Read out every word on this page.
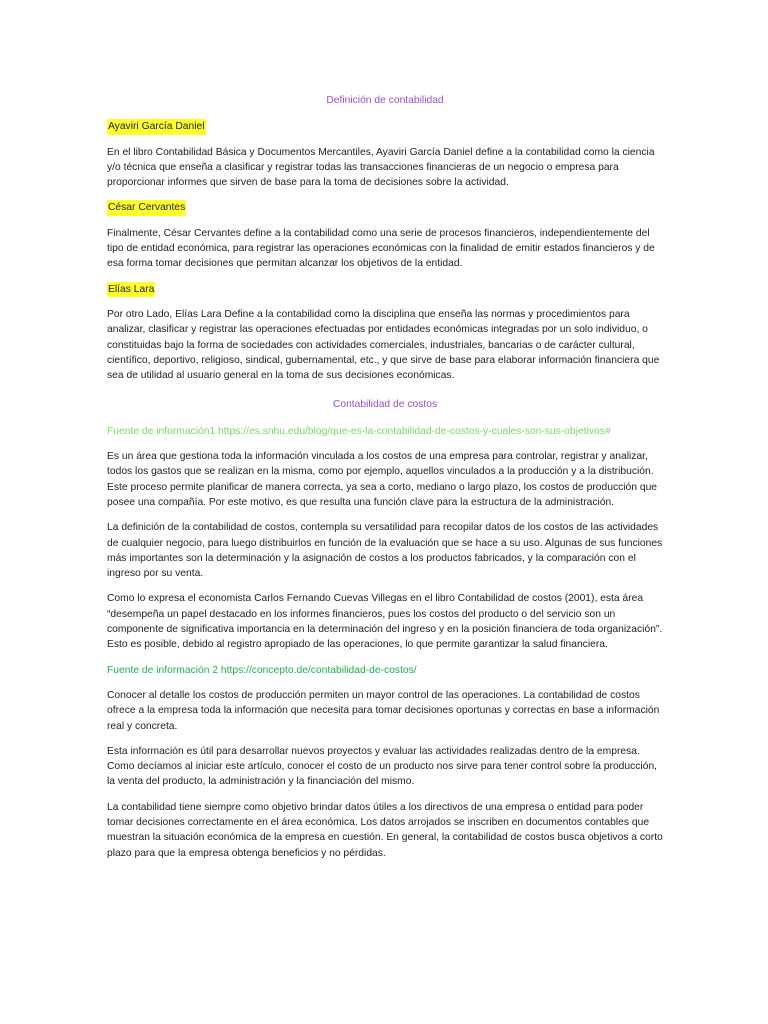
Definición de contabilidad
Ayaviri García Daniel

En el libro Contabilidad Básica y Documentos Mercantiles, Ayaviri García Daniel define a la contabilidad como la ciencia y/o técnica que enseña a clasificar y registrar todas las transacciones financieras de un negocio o empresa para proporcionar informes que sirven de base para la toma de decisiones sobre la actividad.

César Cervantes

Finalmente, César Cervantes define a la contabilidad como una serie de procesos financieros, independientemente del tipo de entidad económica, para registrar las operaciones económicas con la finalidad de emitir estados financieros y de esa forma tomar decisiones que permitan alcanzar los objetivos de la entidad.

Elías Lara

Por otro Lado, Elías Lara Define a la contabilidad como la disciplina que enseña las normas y procedimientos para analizar, clasificar y registrar las operaciones efectuadas por entidades económicas integradas por un solo individuo, o constituidas bajo la forma de sociedades con actividades comerciales, industriales, bancarias o de carácter cultural, científico, deportivo, religioso, sindical, gubernamental, etc., y que sirve de base para elaborar información financiera que sea de utilidad al usuario general en la toma de sus decisiones económicas.

Contabilidad de costos
Fuente de información1 https://es.snhu.edu/blog/que-es-la-contabilidad-de-costos-y-cuales-son-sus-objetivos#

Es un área que gestiona toda la información vinculada a los costos de una empresa para controlar, registrar y analizar, todos los gastos que se realizan en la misma, como por ejemplo, aquellos vinculados a la producción y a la distribución. Este proceso permite planificar de manera correcta, ya sea a corto, mediano o largo plazo, los costos de producción que posee una compañía. Por este motivo, es que resulta una función clave para la estructura de la administración.

La definición de la contabilidad de costos, contempla su versatilidad para recopilar datos de los costos de las actividades de cualquier negocio, para luego distribuirlos en función de la evaluación que se hace a su uso. Algunas de sus funciones más importantes son la determinación y la asignación de costos a los productos fabricados, y la comparación con el ingreso por su venta.

Como lo expresa el economista Carlos Fernando Cuevas Villegas en el libro Contabilidad de costos (2001), esta área “desempeña un papel destacado en los informes financieros, pues los costos del producto o del servicio son un componente de significativa importancia en la determinación del ingreso y en la posición financiera de toda organización”. Esto es posible, debido al registro apropiado de las operaciones, lo que permite garantizar la salud financiera.

Fuente de información 2 https://concepto.de/contabilidad-de-costos/

Conocer al detalle los costos de producción permiten un mayor control de las operaciones. La contabilidad de costos ofrece a la empresa toda la información que necesita para tomar decisiones oportunas y correctas en base a información real y concreta.

Esta información es útil para desarrollar nuevos proyectos y evaluar las actividades realizadas dentro de la empresa. Como decíamos al iniciar este artículo, conocer el costo de un producto nos sirve para tener control sobre la producción, la venta del producto, la administración y la financiación del mismo.

La contabilidad tiene siempre como objetivo brindar datos útiles a los directivos de una empresa o entidad para poder tomar decisiones correctamente en el área económica. Los datos arrojados se inscriben en documentos contables que muestran la situación económica de la empresa en cuestión. En general, la contabilidad de costos busca objetivos a corto plazo para que la empresa obtenga beneficios y no pérdidas.
